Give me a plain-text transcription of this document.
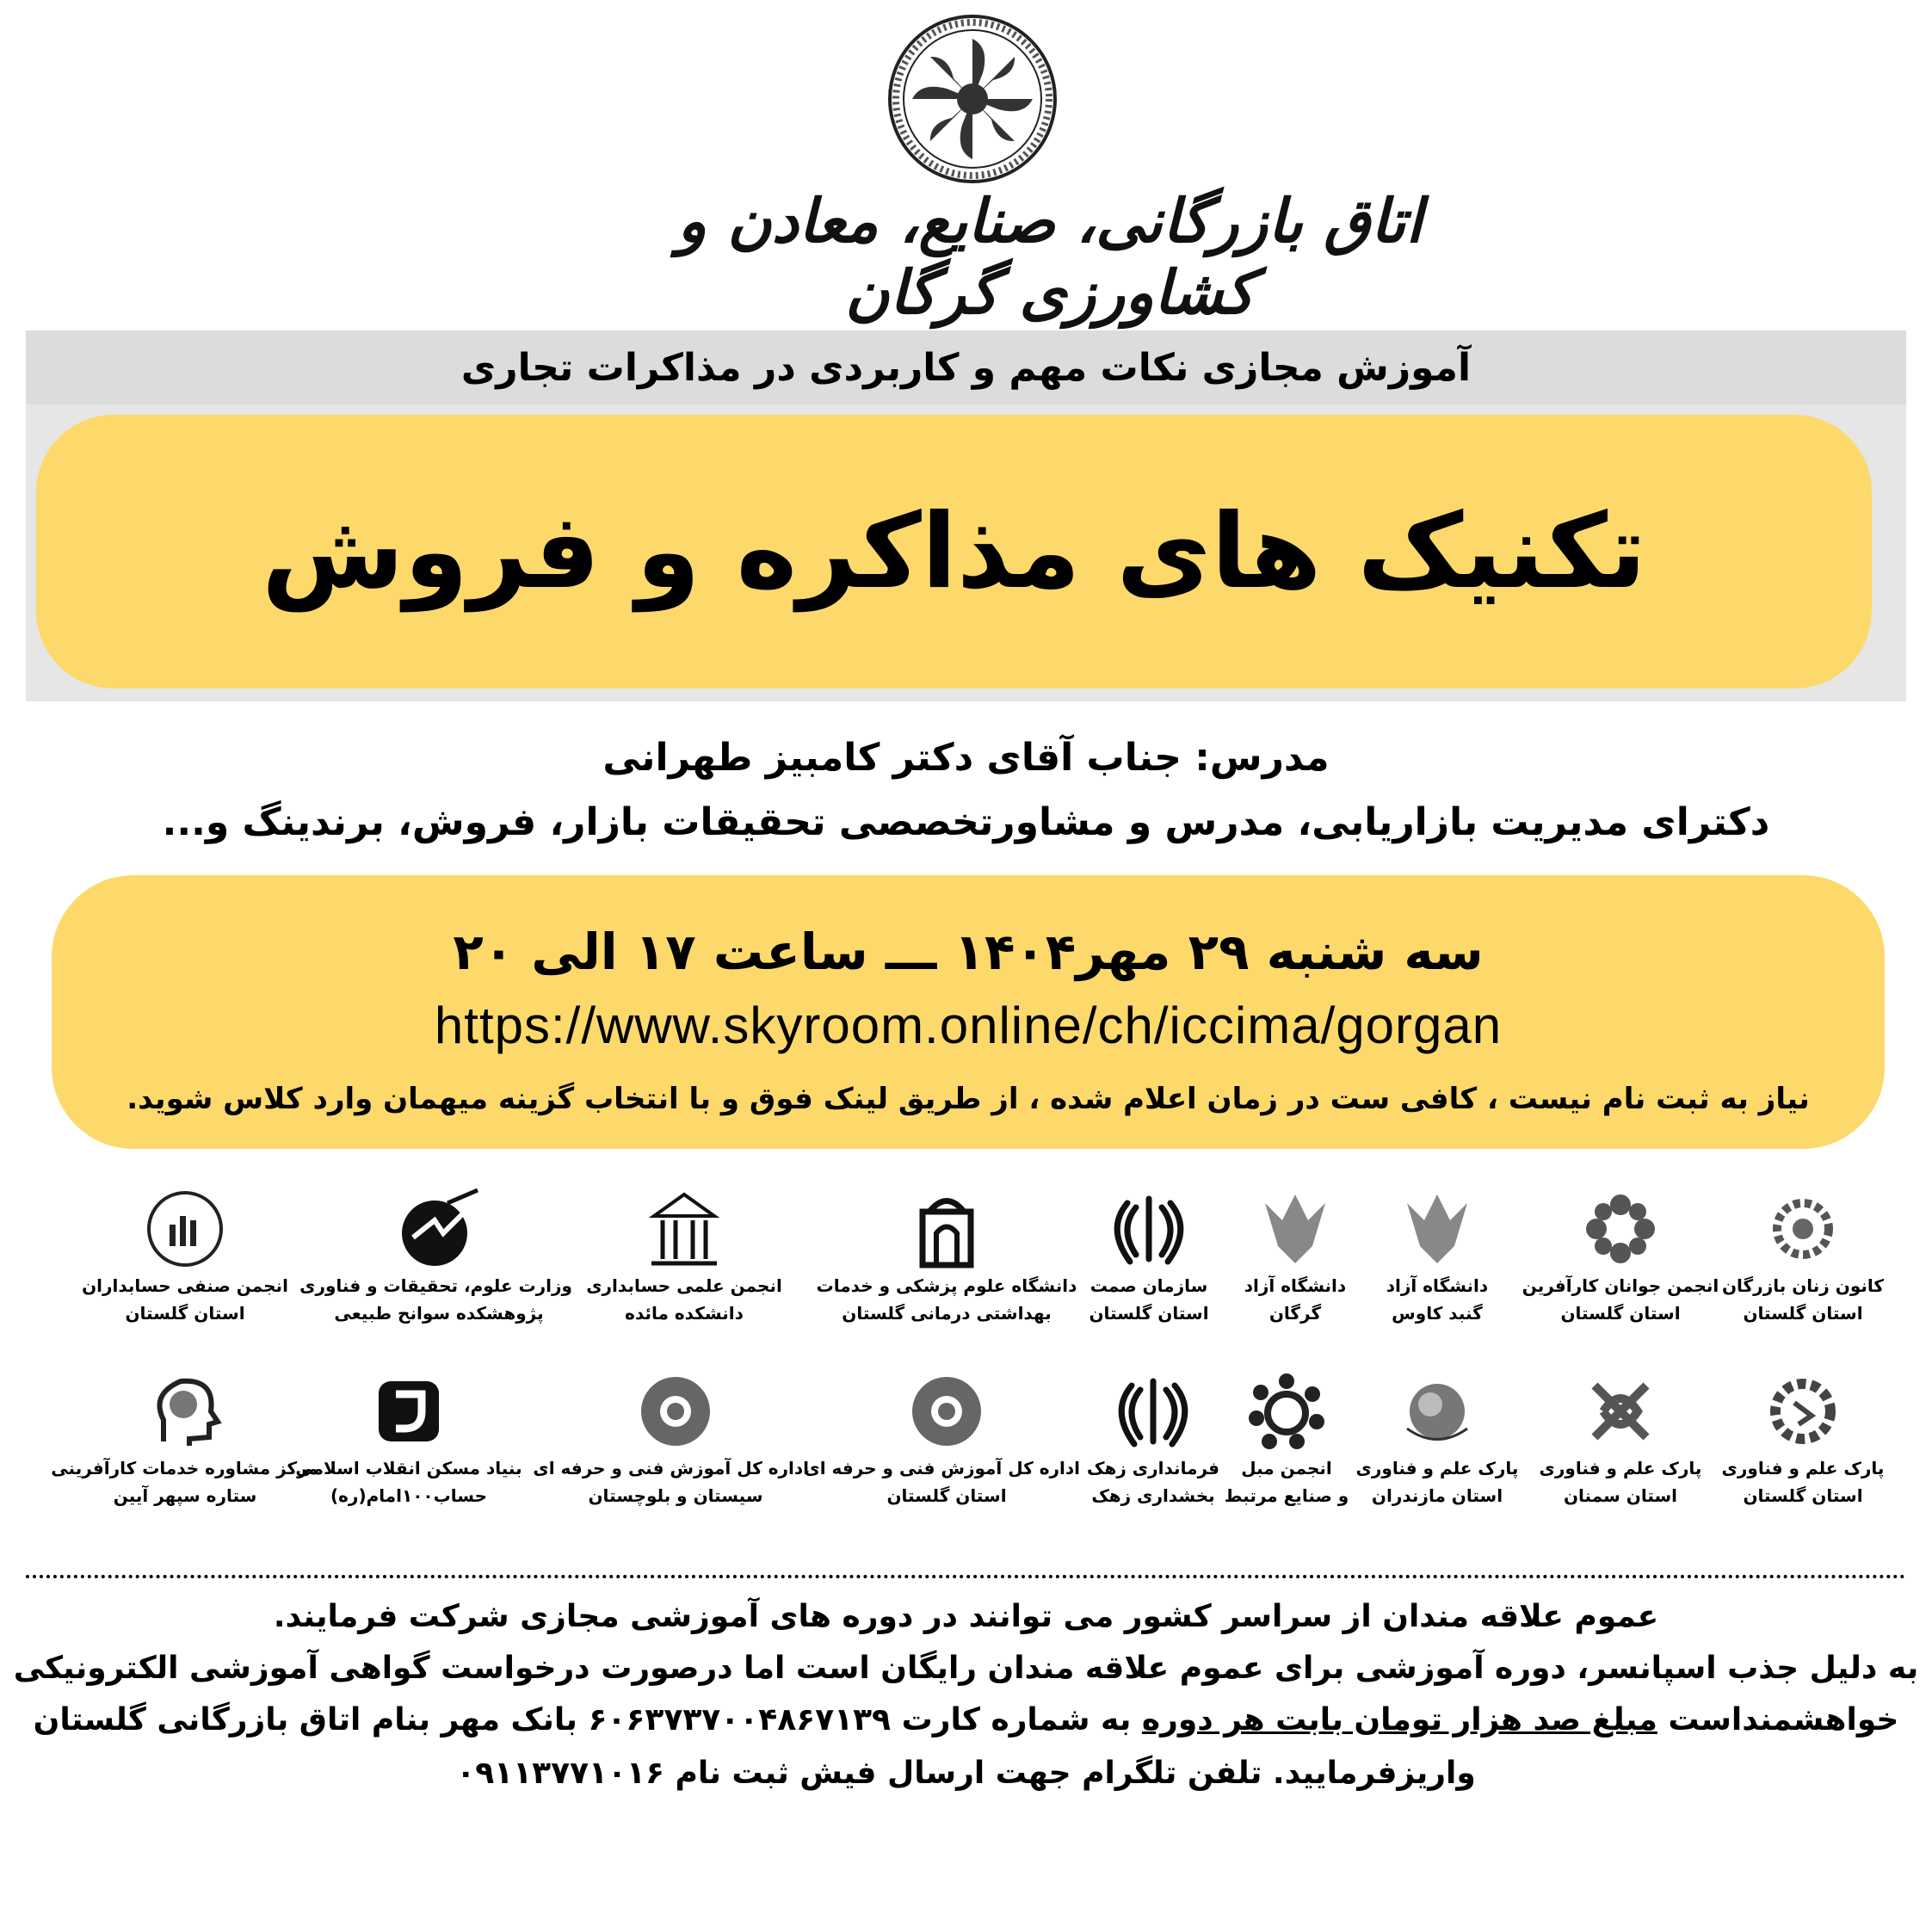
اتاق بازرگانی، صنایع، معادن و کشاورزی گرگان
آموزش مجازی نکات مهم و کاربردی در مذاکرات تجاری
تکنیک های مذاکره و فروش
مدرس: جناب آقای دکتر کامبیز طهرانی
دکترای مدیریت بازاریابی، مدرس و مشاورتخصصی تحقیقات بازار، فروش، برندینگ و...
سه شنبه ۲۹ مهر۱۴۰۴ ـــ ساعت ۱۷ الی ۲۰
https://www.skyroom.online/ch/iccima/gorgan
نیاز به ثبت نام نیست ، کافی ست در زمان اعلام شده ، از طریق لینک فوق و با انتخاب گزینه میهمان وارد کلاس شوید.
کانون زنان بازرگان
استان گلستان
انجمن جوانان کارآفرین
استان گلستان
دانشگاه آزاد
گنبد کاوس
دانشگاه آزاد
گرگان
سازمان صمت
استان گلستان
دانشگاه علوم پزشکی و خدمات
بهداشتی درمانی گلستان
انجمن علمی حسابداری
دانشکده مائده
وزارت علوم، تحقیقات و فناوری
پژوهشکده سوانح طبیعی
انجمن صنفی حسابداران
استان گلستان
پارک علم و فناوری
استان گلستان
پارک علم و فناوری
استان سمنان
پارک علم و فناوری
استان مازندران
انجمن مبل
و صنایع مرتبط
فرمانداری زهک
بخشداری زهک
اداره کل آموزش فنی و حرفه ای
استان گلستان
اداره کل آموزش فنی و حرفه ای
سیستان و بلوچستان
بنیاد مسکن انقلاب اسلامی
حساب۱۰۰امام(ره)
مرکز مشاوره خدمات کارآفرینی
ستاره سپهر آیین
عموم علاقه مندان از سراسر کشور می توانند در دوره های آموزشی مجازی شرکت فرمایند.
به دلیل جذب اسپانسر، دوره آموزشی برای عموم علاقه مندان رایگان است اما درصورت درخواست گواهی آموزشی الکترونیکی
خواهشمنداست مبلغ صد هزار تومان بابت هر دوره به شماره کارت ۶۰۶۳۷۳۷۰۰۴۸۶۷۱۳۹ بانک مهر بنام اتاق بازرگانی گلستان
واریزفرمایید. تلفن تلگرام جهت ارسال فیش ثبت نام ۰۹۱۱۳۷۷۱۰۱۶
